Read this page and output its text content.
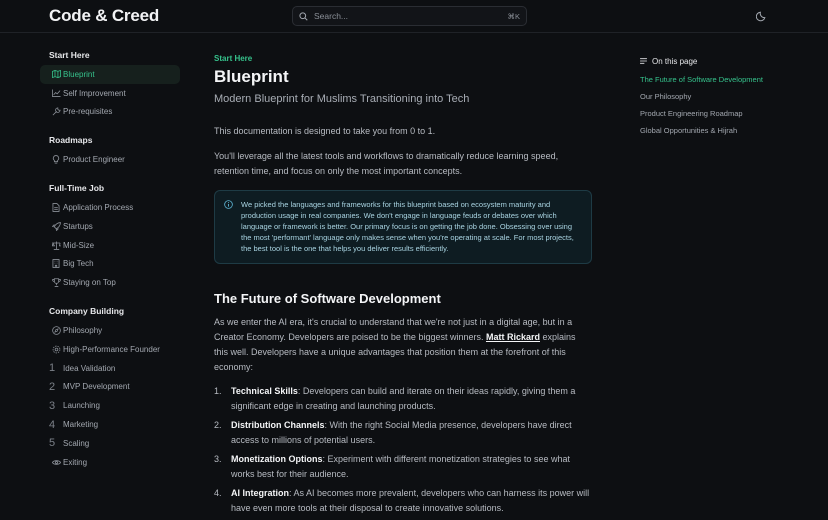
Code & Creed	Search...	⌘K
Start Here
Blueprint
Self Improvement
Pre-requisites
Roadmaps
Product Engineer
Full-Time Job
Application Process
Startups
Mid-Size
Big Tech
Staying on Top
Company Building
Philosophy
High-Performance Founder
1 Idea Validation
2 MVP Development
3 Launching
4 Marketing
5 Scaling
Exiting
Start Here
Blueprint
Modern Blueprint for Muslims Transitioning into Tech
This documentation is designed to take you from 0 to 1.
You'll leverage all the latest tools and workflows to dramatically reduce learning speed, retention time, and focus on only the most important concepts.
We picked the languages and frameworks for this blueprint based on ecosystem maturity and production usage in real companies. We don't engage in language feuds or debates over which language or framework is better. Our primary focus is on getting the job done. Obsessing over using the most 'performant' language only makes sense when you're operating at scale. For most projects, the best tool is the one that helps you deliver results efficiently.
The Future of Software Development
As we enter the AI era, it's crucial to understand that we're not just in a digital age, but in a Creator Economy. Developers are poised to be the biggest winners. Matt Rickard explains this well. Developers have a unique advantages that position them at the forefront of this economy:
1.	Technical Skills: Developers can build and iterate on their ideas rapidly, giving them a significant edge in creating and launching products.
2.	Distribution Channels: With the right Social Media presence, developers have direct access to millions of potential users.
3.	Monetization Options: Experiment with different monetization strategies to see what works best for their audience.
4.	AI Integration: As AI becomes more prevalent, developers who can harness its power will have even more tools at their disposal to create innovative solutions.
On this page
The Future of Software Development
Our Philosophy
Product Engineering Roadmap
Global Opportunities & Hijrah
